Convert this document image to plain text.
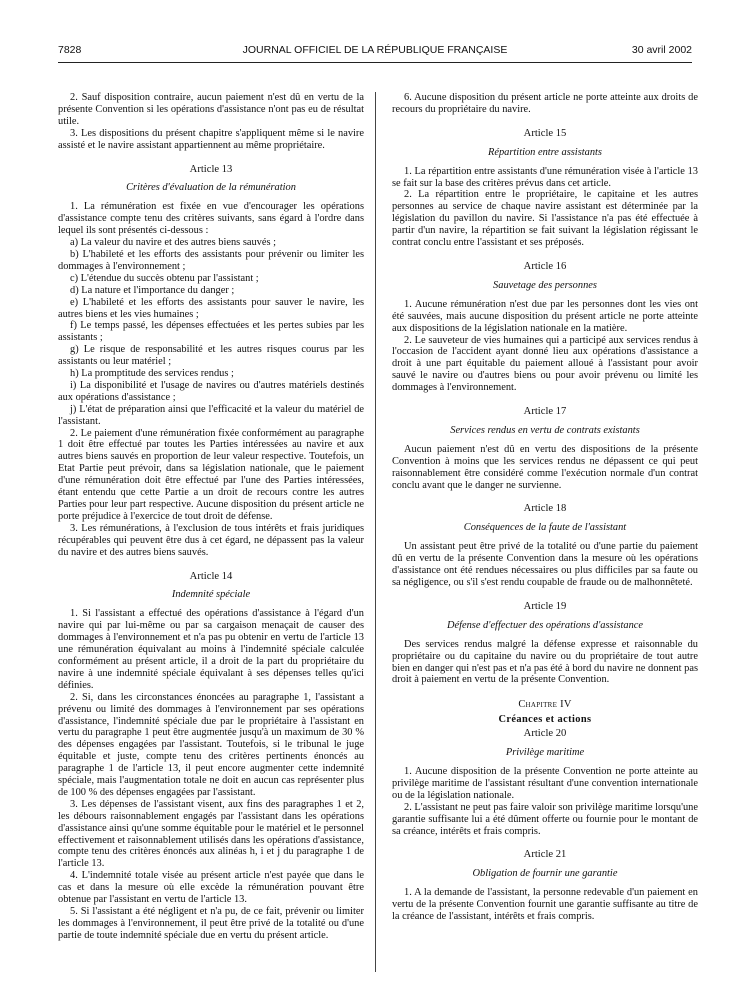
7828	JOURNAL OFFICIEL DE LA RÉPUBLIQUE FRANÇAISE	30 avril 2002

2. Sauf disposition contraire, aucun paiement n'est dû en vertu de la présente Convention si les opérations d'assistance n'ont pas eu de résultat utile.

3. Les dispositions du présent chapitre s'appliquent même si le navire assisté et le navire assistant appartiennent au même propriétaire.

Article 13
Critères d'évaluation de la rémunération

1. La rémunération est fixée en vue d'encourager les opérations d'assistance compte tenu des critères suivants, sans égard à l'ordre dans lequel ils sont présentés ci-dessous :

a) La valeur du navire et des autres biens sauvés ;

b) L'habileté et les efforts des assistants pour prévenir ou limiter les dommages à l'environnement ;

c) L'étendue du succès obtenu par l'assistant ;

d) La nature et l'importance du danger ;

e) L'habileté et les efforts des assistants pour sauver le navire, les autres biens et les vies humaines ;

f) Le temps passé, les dépenses effectuées et les pertes subies par les assistants ;

g) Le risque de responsabilité et les autres risques courus par les assistants ou leur matériel ;

h) La promptitude des services rendus ;

i) La disponibilité et l'usage de navires ou d'autres matériels destinés aux opérations d'assistance ;

j) L'état de préparation ainsi que l'efficacité et la valeur du matériel de l'assistant.

2. Le paiement d'une rémunération fixée conformément au paragraphe 1 doit être effectué par toutes les Parties intéressées au navire et aux autres biens sauvés en proportion de leur valeur respective. Toutefois, un Etat Partie peut prévoir, dans sa législation nationale, que le paiement d'une rémunération doit être effectué par l'une des Parties intéressées, étant entendu que cette Partie a un droit de recours contre les autres Parties pour leur part respective. Aucune disposition du présent article ne porte préjudice à l'exercice de tout droit de défense.

3. Les rémunérations, à l'exclusion de tous intérêts et frais juridiques récupérables qui peuvent être dus à cet égard, ne dépassent pas la valeur du navire et des autres biens sauvés.

Article 14
Indemnité spéciale

1. Si l'assistant a effectué des opérations d'assistance à l'égard d'un navire qui par lui-même ou par sa cargaison menaçait de causer des dommages à l'environnement et n'a pas pu obtenir en vertu de l'article 13 une rémunération équivalant au moins à l'indemnité spéciale calculée conformément au présent article, il a droit de la part du propriétaire du navire à une indemnité spéciale équivalant à ses dépenses telles qu'ici définies.

2. Si, dans les circonstances énoncées au paragraphe 1, l'assistant a prévenu ou limité des dommages à l'environnement par ses opérations d'assistance, l'indemnité spéciale due par le propriétaire à l'assistant en vertu du paragraphe 1 peut être augmentée jusqu'à un maximum de 30 % des dépenses engagées par l'assistant. Toutefois, si le tribunal le juge équitable et juste, compte tenu des critères pertinents énoncés au paragraphe 1 de l'article 13, il peut encore augmenter cette indemnité spéciale, mais l'augmentation totale ne doit en aucun cas représenter plus de 100 % des dépenses engagées par l'assistant.

3. Les dépenses de l'assistant visent, aux fins des paragraphes 1 et 2, les débours raisonnablement engagés par l'assistant dans les opérations d'assistance ainsi qu'une somme équitable pour le matériel et le personnel effectivement et raisonnablement utilisés dans les opérations d'assistance, compte tenu des critères énoncés aux alinéas h, i et j du paragraphe 1 de l'article 13.

4. L'indemnité totale visée au présent article n'est payée que dans le cas et dans la mesure où elle excède la rémunération pouvant être obtenue par l'assistant en vertu de l'article 13.

5. Si l'assistant a été négligent et n'a pu, de ce fait, prévenir ou limiter les dommages à l'environnement, il peut être privé de la totalité ou d'une partie de toute indemnité spéciale due en vertu du présent article.

6. Aucune disposition du présent article ne porte atteinte aux droits de recours du propriétaire du navire.

Article 15
Répartition entre assistants

1. La répartition entre assistants d'une rémunération visée à l'article 13 se fait sur la base des critères prévus dans cet article.

2. La répartition entre le propriétaire, le capitaine et les autres personnes au service de chaque navire assistant est déterminée par la législation du pavillon du navire. Si l'assistance n'a pas été effectuée à partir d'un navire, la répartition se fait suivant la législation régissant le contrat conclu entre l'assistant et ses préposés.

Article 16
Sauvetage des personnes

1. Aucune rémunération n'est due par les personnes dont les vies ont été sauvées, mais aucune disposition du présent article ne porte atteinte aux dispositions de la législation nationale en la matière.

2. Le sauveteur de vies humaines qui a participé aux services rendus à l'occasion de l'accident ayant donné lieu aux opérations d'assistance a droit à une part équitable du paiement alloué à l'assistant pour avoir sauvé le navire ou d'autres biens ou pour avoir prévenu ou limité les dommages à l'environnement.

Article 17
Services rendus en vertu de contrats existants

Aucun paiement n'est dû en vertu des dispositions de la présente Convention à moins que les services rendus ne dépassent ce qui peut raisonnablement être considéré comme l'exécution normale d'un contrat conclu avant que le danger ne survienne.

Article 18
Conséquences de la faute de l'assistant

Un assistant peut être privé de la totalité ou d'une partie du paiement dû en vertu de la présente Convention dans la mesure où les opérations d'assistance ont été rendues nécessaires ou plus difficiles par sa faute ou sa négligence, ou s'il s'est rendu coupable de fraude ou de malhonnêteté.

Article 19
Défense d'effectuer des opérations d'assistance

Des services rendus malgré la défense expresse et raisonnable du propriétaire ou du capitaine du navire ou du propriétaire de tout autre bien en danger qui n'est pas et n'a pas été à bord du navire ne donnent pas droit à paiement en vertu de la présente Convention.

Chapitre IV
Créances et actions
Article 20
Privilège maritime

1. Aucune disposition de la présente Convention ne porte atteinte au privilège maritime de l'assistant résultant d'une convention internationale ou de la législation nationale.

2. L'assistant ne peut pas faire valoir son privilège maritime lorsqu'une garantie suffisante lui a été dûment offerte ou fournie pour le montant de sa créance, intérêts et frais compris.

Article 21
Obligation de fournir une garantie

1. A la demande de l'assistant, la personne redevable d'un paiement en vertu de la présente Convention fournit une garantie suffisante au titre de la créance de l'assistant, intérêts et frais compris.
